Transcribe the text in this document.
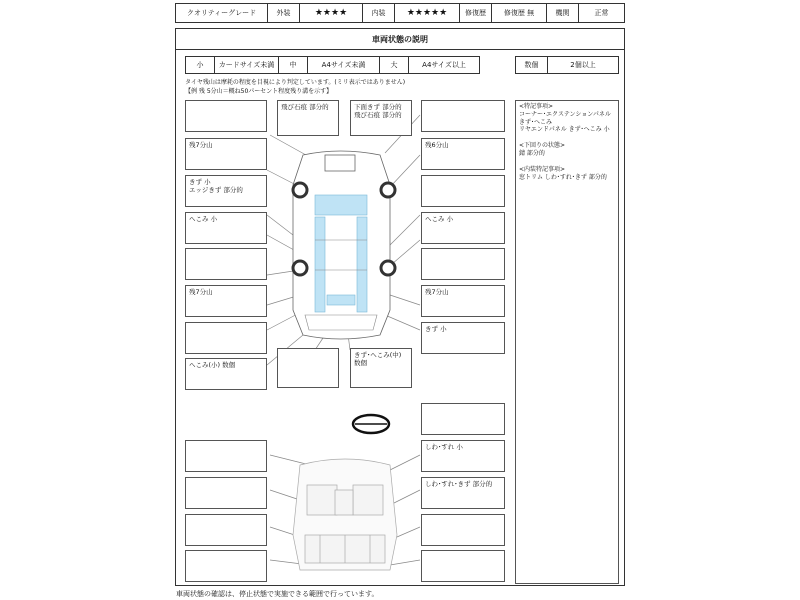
クオリティーグレード	外装	★★★★	内装	★★★★★	修復歴	修復歴 無	機関	正常
車両状態の説明
小	カードサイズ未満	中	A4サイズ未満	大	A4サイズ以上	数個	2個以上
タイヤ残山は摩耗の程度を目視により判定しています。(ミリ表示ではありません)
【例 残 5分山＝概ね50パーセント程度残り溝を示す】
残7分山
きず 小
エッジきず 部分的
へこみ 小
残7分山
へこみ(小) 数個
飛び石痕 部分的	下面きず 部分的
飛び石痕 部分的
きず･へこみ(中) 数個
残6分山
へこみ 小
残7分山
きず 小
しわ･すれ 小
しわ･すれ･きず 部分的
<特記事項>
コーナー･エクステンションパネル
きず･へこみ
リヤエンドパネル きず･へこみ 小
<下回りの状態>
錆 部分的
<内装特記事項>
窓トリム しわ･すれ･きず 部分的
車両状態の確認は、停止状態で実施できる範囲で行っています。
